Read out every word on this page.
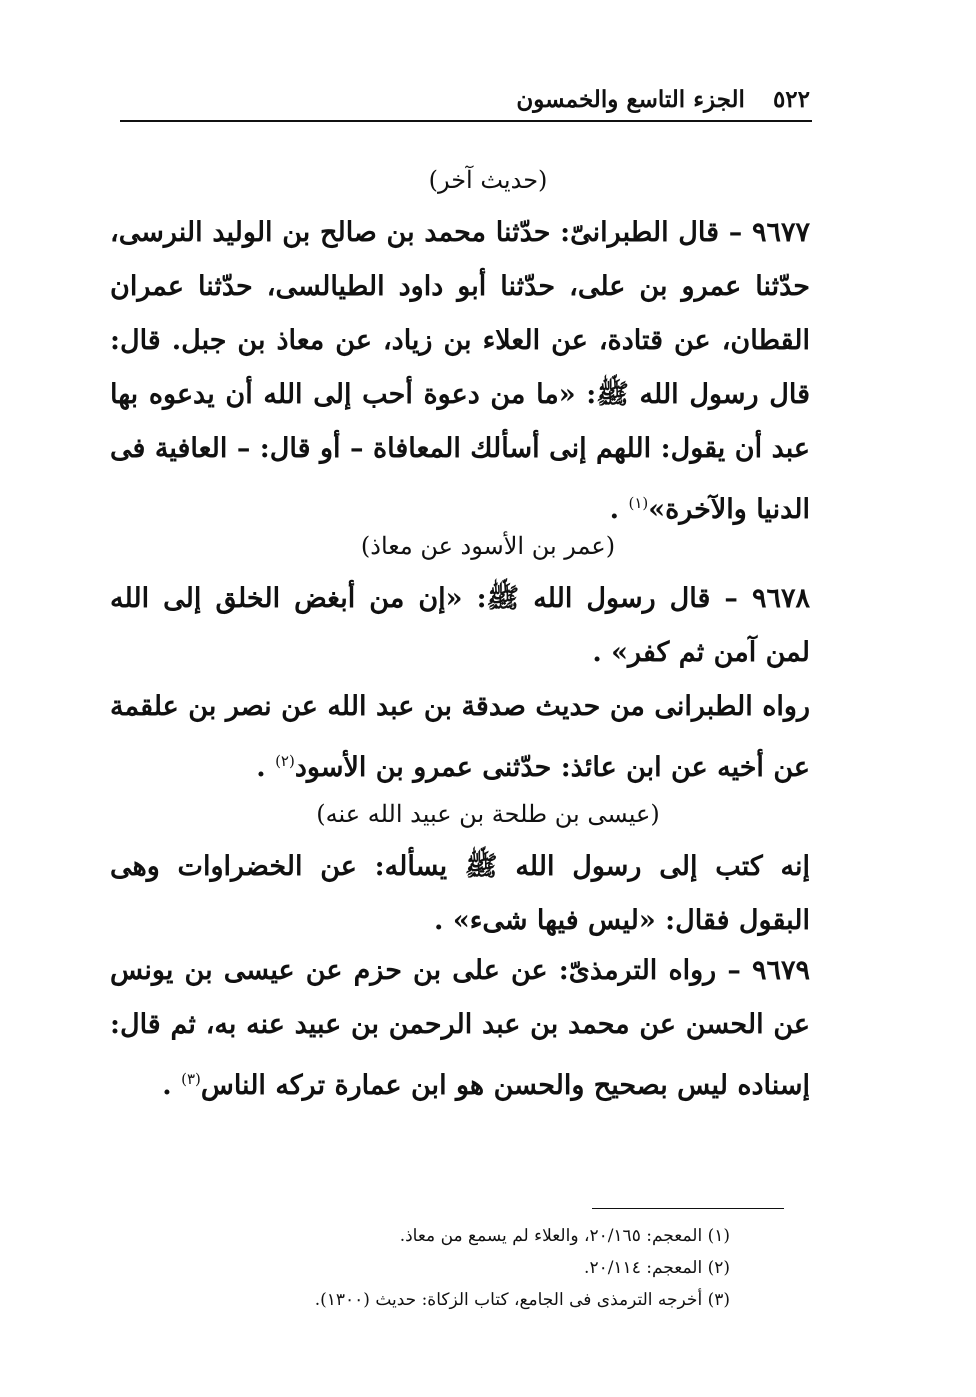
٥٢٢
الجزء التاسع والخمسون
(حديث آخر)
٩٦٧٧ – قال الطبرانىّ: حدّثنا محمد بن صالح بن الوليد النرسى، حدّثنا عمرو بن على، حدّثنا أبو داود الطيالسى، حدّثنا عمران القطان، عن قتادة، عن العلاء بن زياد، عن معاذ بن جبل. قال: قال رسول الله ﷺ: «ما من دعوة أحب إلى الله أن يدعوه بها عبد أن يقول: اللهم إنى أسألك المعافاة – أو قال: – العافية فى الدنيا والآخرة»$^{(١)}$ .
(عمر بن الأسود عن معاذ)
٩٦٧٨ – قال رسول الله ﷺ: «إن من أبغض الخلق إلى الله لمن آمن ثم كفر» .
رواه الطبرانى من حديث صدقة بن عبد الله عن نصر بن علقمة عن أخيه عن ابن عائذ: حدّثنى عمرو بن الأسود$^{(٢)}$ .
(عيسى بن طلحة بن عبيد الله عنه)
إنه كتب إلى رسول الله ﷺ يسأله: عن الخضراوات وهى البقول فقال: «ليس فيها شىء» .
٩٦٧٩ – رواه الترمذىّ: عن على بن حزم عن عيسى بن يونس عن الحسن عن محمد بن عبد الرحمن بن عبيد عنه به، ثم قال: إسناده ليس بصحيح والحسن هو ابن عمارة تركه الناس$^{(٣)}$ .
(١) المعجم: ٢٠/١٦٥، والعلاء لم يسمع من معاذ.
(٢) المعجم: ٢٠/١١٤.
(٣) أخرجه الترمذى فى الجامع، كتاب الزكاة: حديث (١٣٠٠).
